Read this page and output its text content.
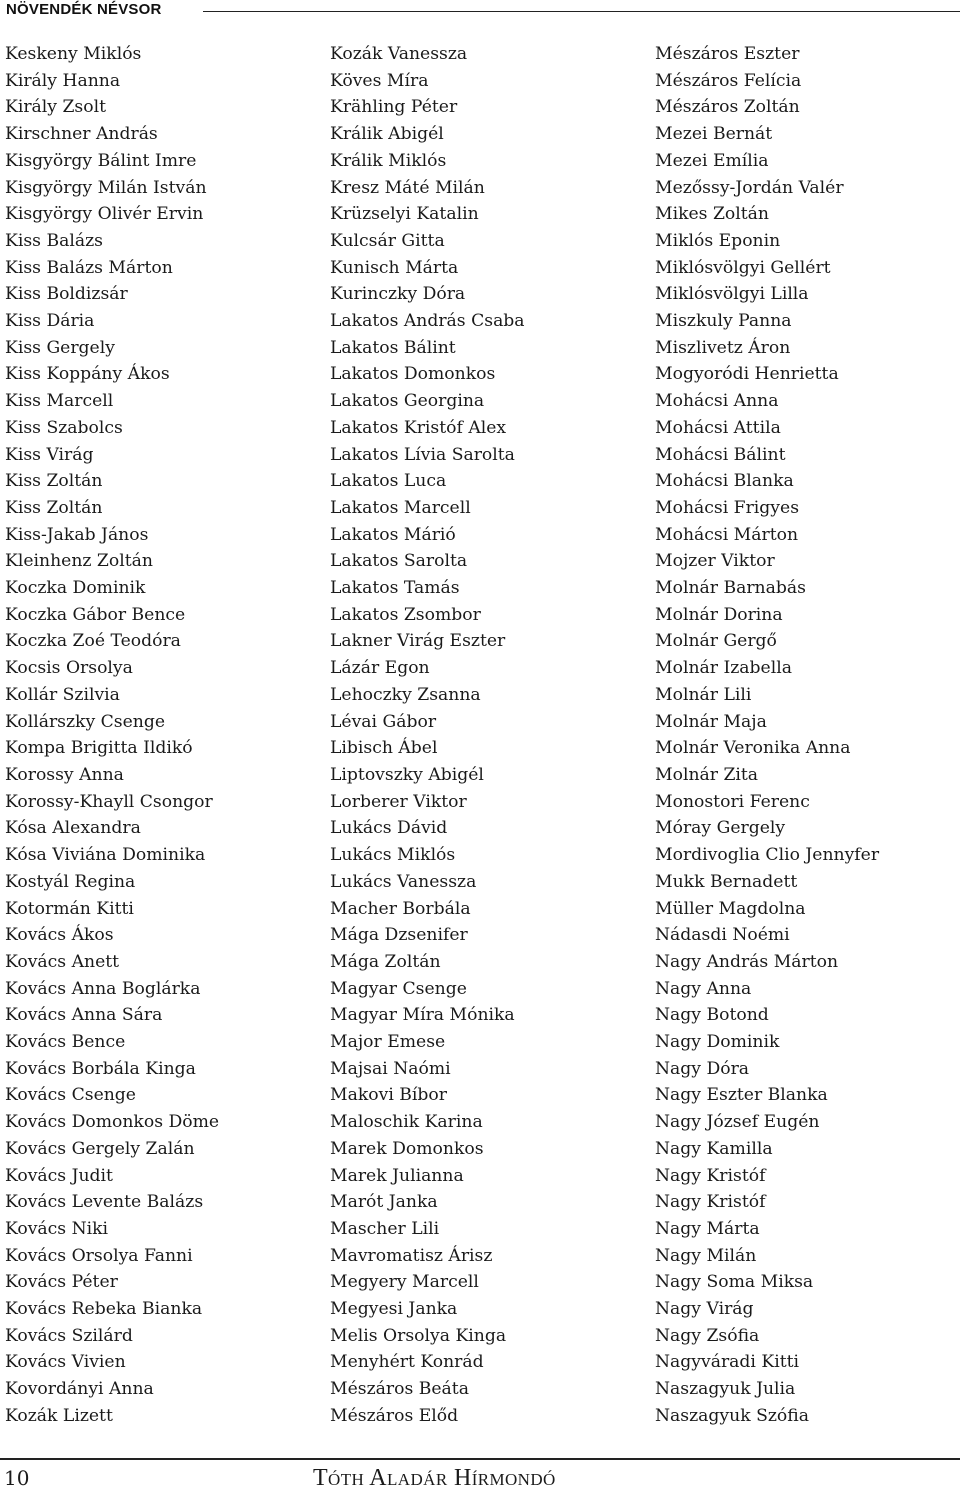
NÖVENDÉK NÉVSOR
Keskeny Miklós
Király Hanna
Király Zsolt
Kirschner András
Kisgyörgy Bálint Imre
Kisgyörgy Milán István
Kisgyörgy Olivér Ervin
Kiss Balázs
Kiss Balázs Márton
Kiss Boldizsár
Kiss Dária
Kiss Gergely
Kiss Koppány Ákos
Kiss Marcell
Kiss Szabolcs
Kiss Virág
Kiss Zoltán
Kiss Zoltán
Kiss-Jakab János
Kleinhenz Zoltán
Koczka Dominik
Koczka Gábor Bence
Koczka Zoé Teodóra
Kocsis Orsolya
Kollár Szilvia
Kollárszky Csenge
Kompa Brigitta Ildikó
Korossy Anna
Korossy-Khayll Csongor
Kósa Alexandra
Kósa Viviána Dominika
Kostyál Regina
Kotormán Kitti
Kovács Ákos
Kovács Anett
Kovács Anna Boglárka
Kovács Anna Sára
Kovács Bence
Kovács Borbála Kinga
Kovács Csenge
Kovács Domonkos Döme
Kovács Gergely Zalán
Kovács Judit
Kovács Levente Balázs
Kovács Niki
Kovács Orsolya Fanni
Kovács Péter
Kovács Rebeka Bianka
Kovács Szilárd
Kovács Vivien
Kovordányi Anna
Kozák Lizett
Kozák Vanessza
Köves Míra
Krähling Péter
Králik Abigél
Králik Miklós
Kresz Máté Milán
Krüzselyi Katalin
Kulcsár Gitta
Kunisch Márta
Kurinczky Dóra
Lakatos András Csaba
Lakatos Bálint
Lakatos Domonkos
Lakatos Georgina
Lakatos Kristóf Alex
Lakatos Lívia Sarolta
Lakatos Luca
Lakatos Marcell
Lakatos Márió
Lakatos Sarolta
Lakatos Tamás
Lakatos Zsombor
Lakner Virág Eszter
Lázár Egon
Lehoczky Zsanna
Lévai Gábor
Libisch Ábel
Liptovszky Abigél
Lorberer Viktor
Lukács Dávid
Lukács Miklós
Lukács Vanessza
Macher Borbála
Mága Dzsenifer
Mága Zoltán
Magyar Csenge
Magyar Míra Mónika
Major Emese
Majsai Naómi
Makovi Bíbor
Maloschik Karina
Marek Domonkos
Marek Julianna
Marót Janka
Mascher Lili
Mavromatisz Árisz
Megyery Marcell
Megyesi Janka
Melis Orsolya Kinga
Menyhért Konrád
Mészáros Beáta
Mészáros Előd
Mészáros Eszter
Mészáros Felícia
Mészáros Zoltán
Mezei Bernát
Mezei Emília
Mezőssy-Jordán Valér
Mikes Zoltán
Miklós Eponin
Miklósvölgyi Gellért
Miklósvölgyi Lilla
Miszkuly Panna
Miszlivetz Áron
Mogyoródi Henrietta
Mohácsi Anna
Mohácsi Attila
Mohácsi Bálint
Mohácsi Blanka
Mohácsi Frigyes
Mohácsi Márton
Mojzer Viktor
Molnár Barnabás
Molnár Dorina
Molnár Gergő
Molnár Izabella
Molnár Lili
Molnár Maja
Molnár Veronika Anna
Molnár Zita
Monostori Ferenc
Móray Gergely
Mordivoglia Clio Jennyfer
Mukk Bernadett
Müller Magdolna
Nádasdi Noémi
Nagy András Márton
Nagy Anna
Nagy Botond
Nagy Dominik
Nagy Dóra
Nagy Eszter Blanka
Nagy József Eugén
Nagy Kamilla
Nagy Kristóf
Nagy Kristóf
Nagy Márta
Nagy Milán
Nagy Soma Miksa
Nagy Virág
Nagy Zsófia
Nagyváradi Kitti
Naszagyuk Julia
Naszagyuk Szófia
10	Tóth Aladár Hírmondó
